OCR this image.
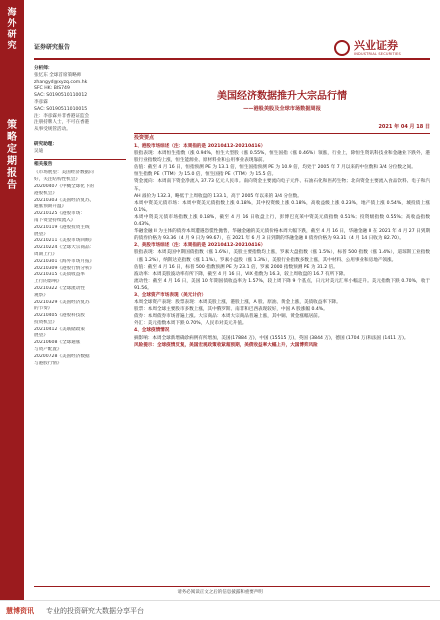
海外研究
策略定期报告
证券研究报告	兴业证券
INDUSTRIAL SECURITIES
分析师：
张忆东 全球首席策略师
zhangyd@xyzq.com.hk
SFC HK: BIS749
SAC: S0190510110012
李彦霖
SAC: S0190511010015
注：李彦霖并非香港证监会
注册持牌人士，不可在香港
从事受规管活动。
研究助理：
吴迪
相关报告
《市场展望：美国经济数据向
好，关注结构性机会》
20200407《中概全球化下的
港股机会》
20210303《美国经济复苏，
通胀预期升温》
20210125《港股市场：
南下资金持续流入》
20210119《港股投资主线
展望》
20210211《美股市场回顾》
20210224《全球大宗商品：
周期上行》
20210301《海外市场月报》
20210309《港股行情分析》
20210315《美债收益率
上行的影响》
20210322《全球流动性
观察》
20210329《美国经济复苏
的节奏》
20210405《港股科技股
投资机会》
20210412《美联储政策
展望》
20210608《全球通胀
与资产配置》
20200728《美国经济数据
与港股行情》
美国经济数据推升大宗品行情
——港股美股及全球市场数据周报
2021 年 04 月 18 日
投资要点
1、港股市场综述（注：本周指的是 20210412-20210416）
股指表现：本周恒生指数（涨 0.94%，恒生大型股（涨 0.55%，恒生国指（涨 0.46%）领涨，行业上，除恒生资讯科技业和金融业下跌外，港股行业指数均上涨，恒生能源业、原材料业和公用事业表现靠前。
估值：截至 4 月 16 日，恒指预测 PE 为 13.1 倍，恒生国指预测 PE 为 10.9 倍，均处于 2005 年 7 月以来的中位数和 3/4 分位数之间。
恒生指数 PE（TTM）为 15.0 倍，恒生国指 PE（TTM）为 15.5 倍。
资金流向：本周南下资金净流入 37.73 亿元人民币。南向资金主要流向电子元件、石油石化和医药生物；北向资金主要流入食品饮料、电子和汽车。
AH 溢价为 132.3，略低于上周收盘的 133.1，高于 2005 年以来的 3/4 分位数。
本周中资美元债市场：本周中资美元债指数上涨 0.18%，其中投资级上涨 0.18%，高收益级上涨 0.23%，地产债上涨 0.54%，城投债上涨 0.1%。
本周中资美元债市场指数上涨 0.18%，截至 4 月 16 日收盘上行，彭博巴克莱中资美元债指数 0.51%；投资级指数 0.55%；高收益指数 0.43%。
华融金融 II 为主体的债券本周遭遇恐慌性抛售，华融金融的美元债价格本周大幅下跌，截至 4 月 16 日，华融金融 II 在 2021 年 4 月 27 日到期的债券价格为 93.36（4 月 9 日为 99.67），在 2021 年 6 月 3 日到期的华融金融 II 债券价格为 93.31（4 月 14 日收为 82.70）。
2、美股市场综述（注：本周指的是 20210412-20210416）
股指表现：本周美国中期国债指数（涨 1.6%），美股主要指数均上涨，罗素大盘指数（涨 1.5%），标普 500 指数（涨 1.4%），道琼斯工业指数（涨 1.2%），纳斯达克指数（涨 1.1%）。罗素小盘股（涨 1.3%），美股行业指数多数上涨，其中材料、公用事业和房地产领涨。
估值：截至 4 月 16 日，标普 500 指数预测 PE 为 23.1 倍，罗素 2000 指数预测 PE 为 31.2 倍。
波动率：本周美股波动率有所下降，截至 4 月 16 日，VIX 指数为 16.3，较上周收盘的 16.7 有所下降。
流动性：截至 4 月 16 日，美国 10 年期国债收益率为 1.57%，较上周下降 9 个基点，日元对美元汇率小幅走升。美元指数下跌 0.70%，收于 91.56。
3、全球资产市场表现（美元计价）
本周全球资产表现：股票表现：本周美股上涨，港股上涨，A 股、原油、黄金上涨，美债收益率下降。
股票：本周全球主要股市多数上涨，其中俄罗斯、南非和巴西表现较好，中国 A 股涨幅 0.4%。
债券：本周债券市场普遍上涨。大宗商品：本周大宗商品普遍上涨，其中铜、黄金涨幅居前。
外汇：美元指数本周下跌 0.70%，人民币对美元升值。
4、全球疫情情况
摘影响：本周全球新增确诊病例有所增加，美国(17884 万)，中国 (15515 万)，英国 (3844 万)，德国 (1704 万)和法国 (1411 万)。
风险提示：全球疫情反复，美国宏观政策收紧超预期，美债收益率大幅上升，大国博弈风险
请务必阅读正文之后的信息披露和重要声明
慧博资讯 专业的投资研究大数据分享平台
